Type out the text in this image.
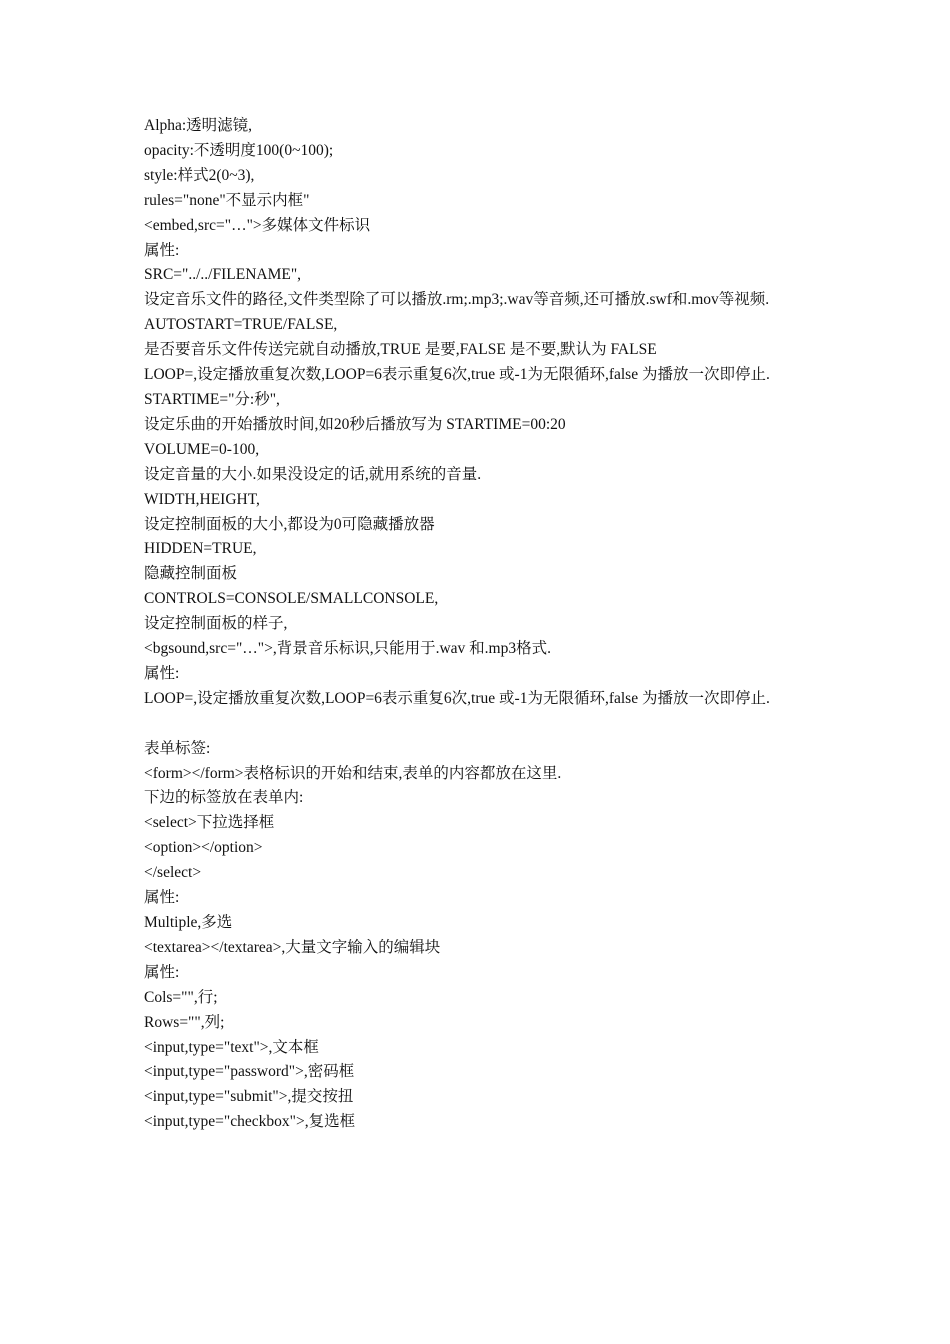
Alpha:透明滤镜,

opacity:不透明度100(0~100);

style:样式2(0~3),

rules="none"不显示内框"

<embed,src="…">多媒体文件标识

属性:

SRC="../../FILENAME",

设定音乐文件的路径,文件类型除了可以播放.rm;.mp3;.wav等音频,还可播放.swf和.mov等视频.

AUTOSTART=TRUE/FALSE,

是否要音乐文件传送完就自动播放,TRUE 是要,FALSE 是不要,默认为 FALSE

LOOP=,设定播放重复次数,LOOP=6表示重复6次,true 或-1为无限循环,false 为播放一次即停止.

STARTIME="分:秒",

设定乐曲的开始播放时间,如20秒后播放写为 STARTIME=00:20

VOLUME=0-100,

设定音量的大小.如果没设定的话,就用系统的音量.

WIDTH,HEIGHT,

设定控制面板的大小,都设为0可隐藏播放器

HIDDEN=TRUE,

隐藏控制面板

CONTROLS=CONSOLE/SMALLCONSOLE,

设定控制面板的样子,

<bgsound,src="…">,背景音乐标识,只能用于.wav 和.mp3格式.

属性:

LOOP=,设定播放重复次数,LOOP=6表示重复6次,true 或-1为无限循环,false 为播放一次即停止.

表单标签:

<form></form>表格标识的开始和结束,表单的内容都放在这里.

下边的标签放在表单内:

<select>下拉选择框

<option></option>

</select>

属性:

Multiple,多选

<textarea></textarea>,大量文字输入的编辑块

属性:

Cols="",行;

Rows="",列;

<input,type="text">,文本框

<input,type="password">,密码框

<input,type="submit">,提交按扭

<input,type="checkbox">,复选框
